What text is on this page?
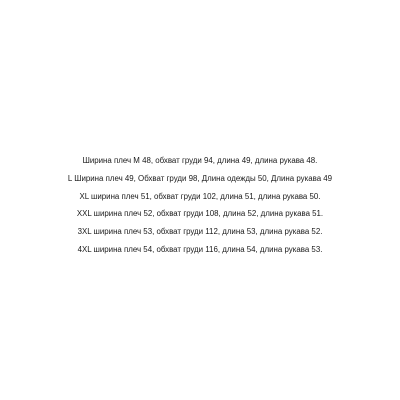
Ширина плеч M 48, обхват груди 94, длина 49, длина рукава 48.
L Ширина плеч 49, Обхват груди 98, Длина одежды 50, Длина рукава 49
XL ширина плеч 51, обхват груди 102, длина 51, длина рукава 50.
XXL ширина плеч 52, обхват груди 108, длина 52, длина рукава 51.
3XL ширина плеч 53, обхват груди 112, длина 53, длина рукава 52.
4XL ширина плеч 54, обхват груди 116, длина 54, длина рукава 53.
